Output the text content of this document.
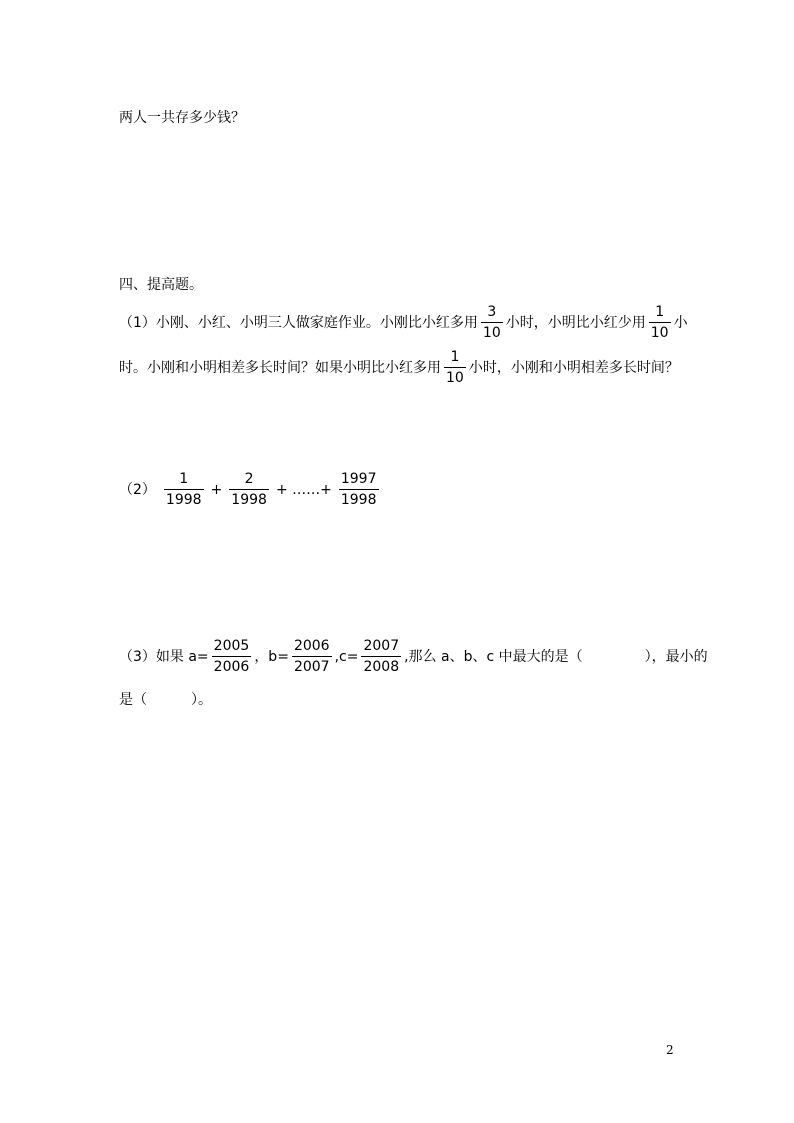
两人一共存多少钱？
四、提高题。
（1）小刚、小红、小明三人做家庭作业。小刚比小红多用 $\frac{3}{10}$ 小时，小明比小红少用 $\frac{1}{10}$ 小
时。小刚和小明相差多长时间？如果小明比小红多用 $\frac{1}{10}$ 小时，小刚和小明相差多长时间？
$(2) \frac{1}{1998} + \frac{2}{1998}$ + ……+ $\frac{1997}{1998}$
（3）如果 $a= \frac{2005}{2006}$ ，$b= \frac{2006}{2007} ,c= \frac{2007}{2008}$ ,那么 a、b、c 中最大的是（	），最小的
是（	）。
2
